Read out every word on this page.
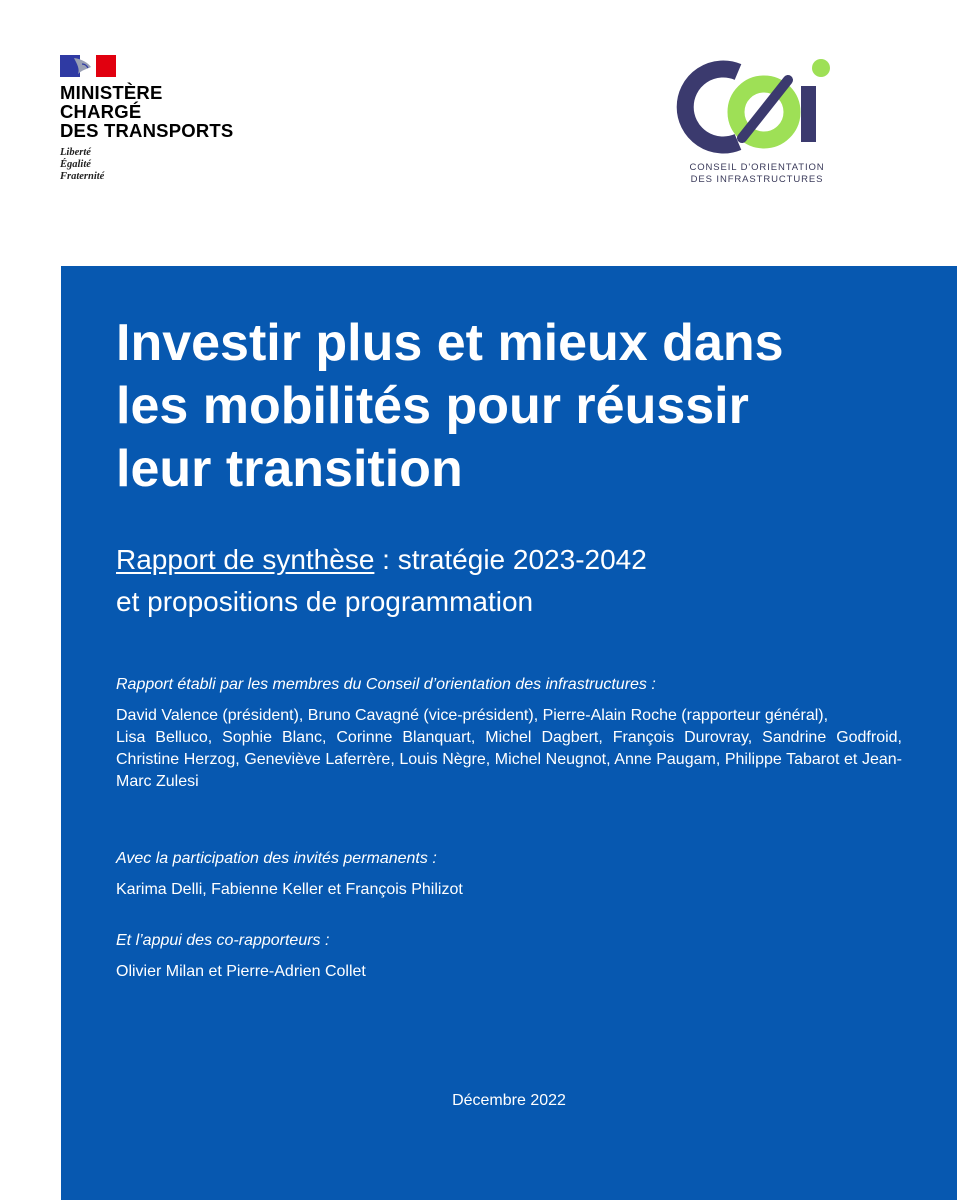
MINISTÈRE
CHARGÉ
DES TRANSPORTS
Liberté
Égalité
Fraternité
CONSEIL D'ORIENTATION
DES INFRASTRUCTURES
Investir plus et mieux dans
les mobilités pour réussir
leur transition
Rapport de synthèse : stratégie 2023-2042
et propositions de programmation
Rapport établi par les membres du Conseil d’orientation des infrastructures :

David Valence (président), Bruno Cavagné (vice-président), Pierre-Alain Roche (rapporteur général),

Lisa Belluco, Sophie Blanc, Corinne Blanquart, Michel Dagbert, François Durovray, Sandrine Godfroid, Christine Herzog, Geneviève Laferrère, Louis Nègre, Michel Neugnot, Anne Paugam, Philippe Tabarot et Jean-Marc Zulesi

Avec la participation des invités permanents :
Karima Delli, Fabienne Keller et François Philizot
Et l’appui des co-rapporteurs :
Olivier Milan et Pierre-Adrien Collet
Décembre 2022
